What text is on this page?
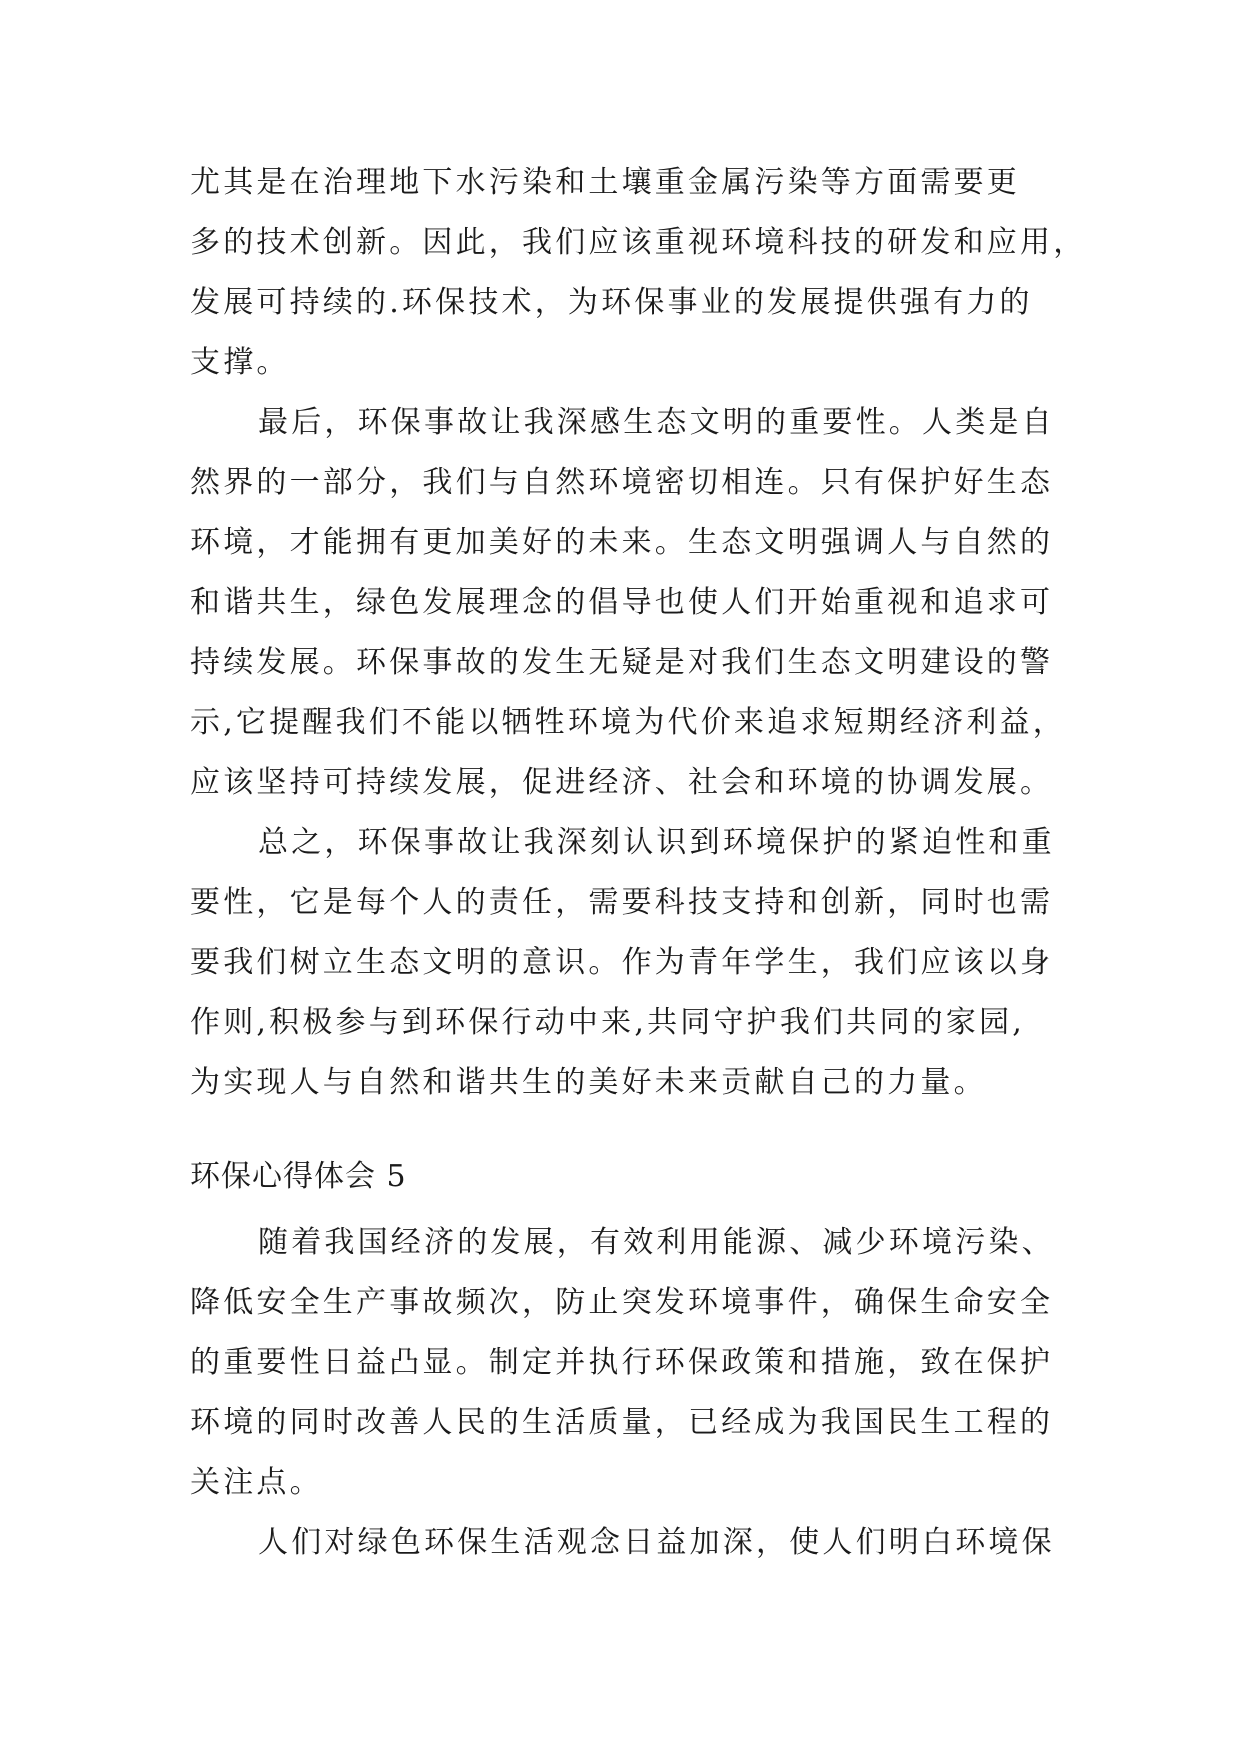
尤其是在治理地下水污染和土壤重金属污染等方面需要更
多的技术创新。因此，我们应该重视环境科技的研发和应用，
发展可持续的.环保技术，为环保事业的发展提供强有力的
支撑。
最后，环保事故让我深感生态文明的重要性。人类是自
然界的一部分，我们与自然环境密切相连。只有保护好生态
环境，才能拥有更加美好的未来。生态文明强调人与自然的
和谐共生，绿色发展理念的倡导也使人们开始重视和追求可
持续发展。环保事故的发生无疑是对我们生态文明建设的警
示,它提醒我们不能以牺牲环境为代价来追求短期经济利益，
应该坚持可持续发展，促进经济、社会和环境的协调发展。
总之，环保事故让我深刻认识到环境保护的紧迫性和重
要性，它是每个人的责任，需要科技支持和创新，同时也需
要我们树立生态文明的意识。作为青年学生，我们应该以身
作则,积极参与到环保行动中来,共同守护我们共同的家园,
为实现人与自然和谐共生的美好未来贡献自己的力量。
环保心得体会 5
随着我国经济的发展，有效利用能源、减少环境污染、
降低安全生产事故频次，防止突发环境事件，确保生命安全
的重要性日益凸显。制定并执行环保政策和措施，致在保护
环境的同时改善人民的生活质量，已经成为我国民生工程的
关注点。
人们对绿色环保生活观念日益加深，使人们明白环境保
